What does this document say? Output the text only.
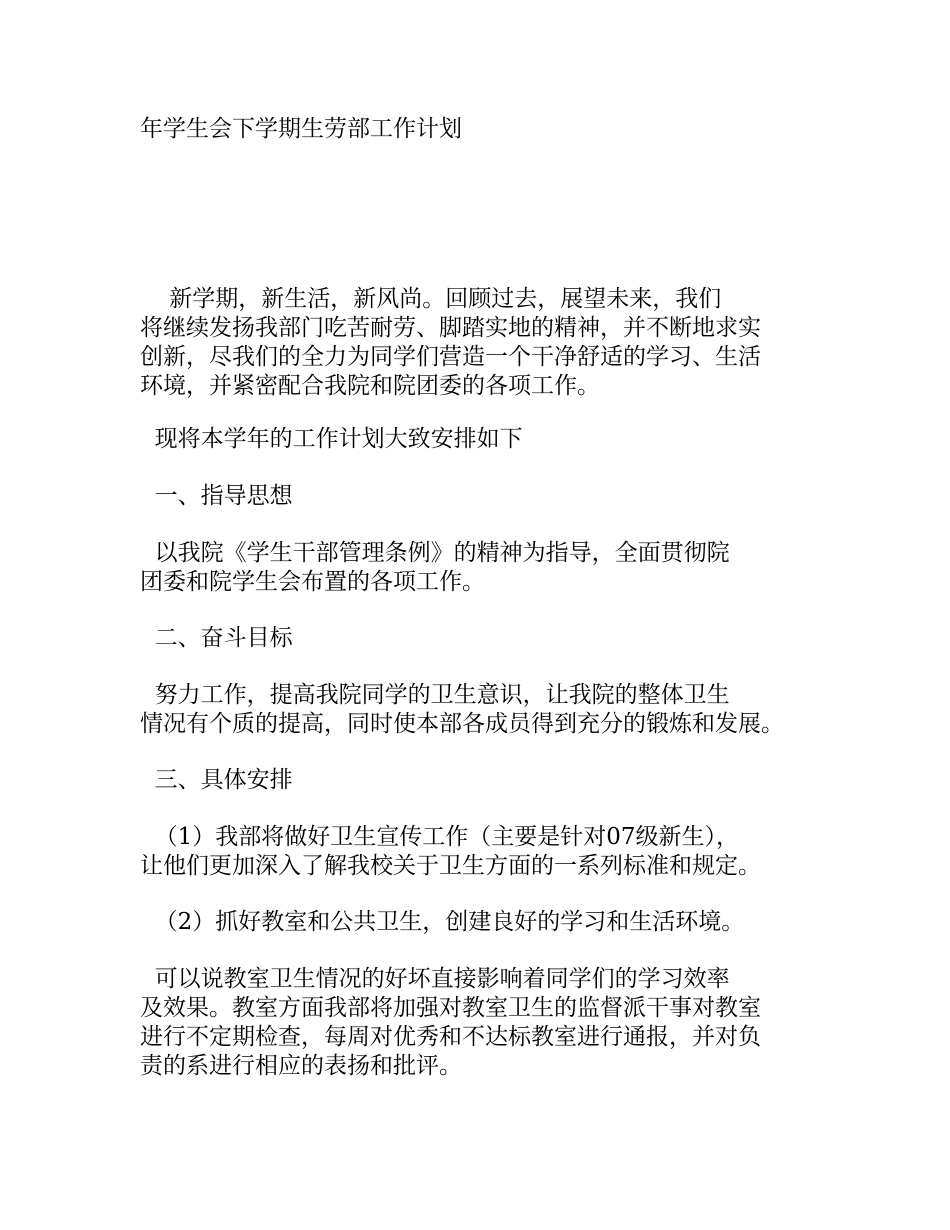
年学生会下学期生劳部工作计划

新学期，新生活，新风尚。回顾过去，展望未来，我们
将继续发扬我部门吃苦耐劳、脚踏实地的精神，并不断地求实
创新，尽我们的全力为同学们营造一个干净舒适的学习、生活
环境，并紧密配合我院和院团委的各项工作。

现将本学年的工作计划大致安排如下

一、指导思想

以我院《学生干部管理条例》的精神为指导，全面贯彻院
团委和院学生会布置的各项工作。

二、奋斗目标

努力工作，提高我院同学的卫生意识，让我院的整体卫生
情况有个质的提高，同时使本部各成员得到充分的锻炼和发展。

三、具体安排

（1）我部将做好卫生宣传工作（主要是针对07级新生），
让他们更加深入了解我校关于卫生方面的一系列标准和规定。

（2）抓好教室和公共卫生，创建良好的学习和生活环境。

可以说教室卫生情况的好坏直接影响着同学们的学习效率
及效果。教室方面我部将加强对教室卫生的监督派干事对教室
进行不定期检查，每周对优秀和不达标教室进行通报，并对负
责的系进行相应的表扬和批评。
